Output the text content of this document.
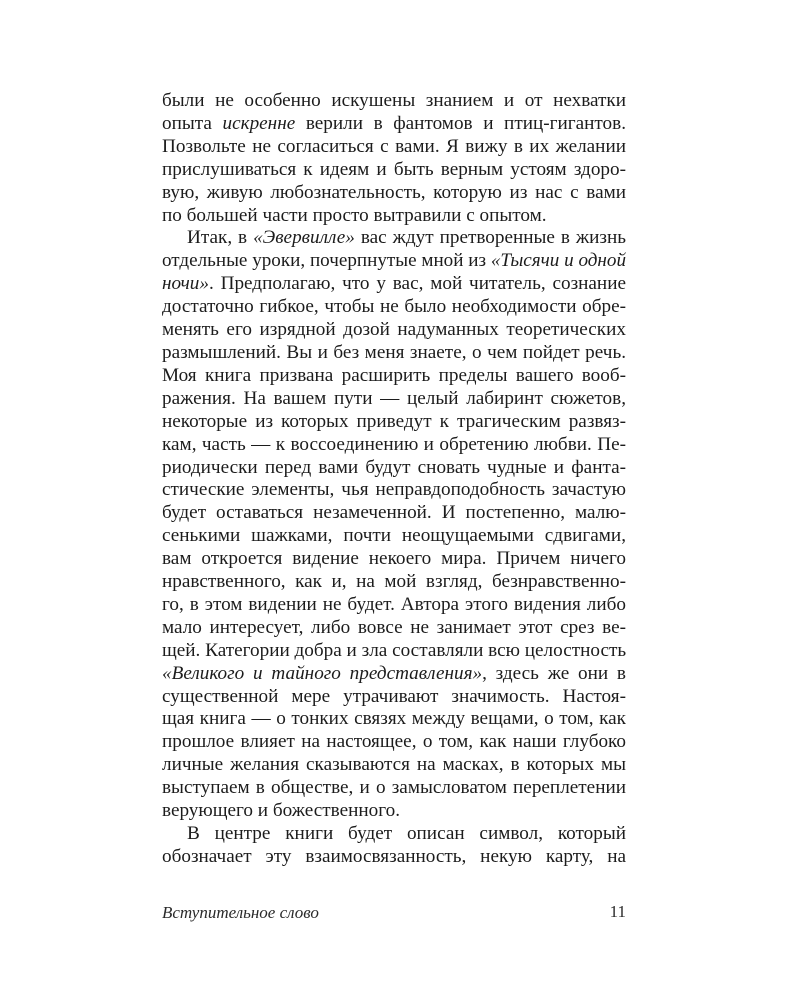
были не особенно искушены знанием и от нехватки
опыта искренне верили в фантомов и птиц-гигантов.
Позвольте не согласиться с вами. Я вижу в их желании
прислушиваться к идеям и быть верным устоям здоро-
вую, живую любознательность, которую из нас с вами
по большей части просто вытравили с опытом.
Итак, в «Эвервилле» вас ждут претворенные в жизнь
отдельные уроки, почерпнутые мной из «Тысячи и одной
ночи». Предполагаю, что у вас, мой читатель, сознание
достаточно гибкое, чтобы не было необходимости обре-
менять его изрядной дозой надуманных теоретических
размышлений. Вы и без меня знаете, о чем пойдет речь.
Моя книга призвана расширить пределы вашего вооб-
ражения. На вашем пути — целый лабиринт сюжетов,
некоторые из которых приведут к трагическим развяз-
кам, часть — к воссоединению и обретению любви. Пе-
риодически перед вами будут сновать чудные и фанта-
стические элементы, чья неправдоподобность зачастую
будет оставаться незамеченной. И постепенно, малю-
сенькими шажками, почти неощущаемыми сдвигами,
вам откроется видение некоего мира. Причем ничего
нравственного, как и, на мой взгляд, безнравственно-
го, в этом видении не будет. Автора этого видения либо
мало интересует, либо вовсе не занимает этот срез ве-
щей. Категории добра и зла составляли всю целостность
«Великого и тайного представления», здесь же они в
существенной мере утрачивают значимость. Настоя-
щая книга — о тонких связях между вещами, о том, как
прошлое влияет на настоящее, о том, как наши глубоко
личные желания сказываются на масках, в которых мы
выступаем в обществе, и о замысловатом переплетении
верующего и божественного.
В центре книги будет описан символ, который
обозначает эту взаимосвязанность, некую карту, на
Вступительное слово	11
